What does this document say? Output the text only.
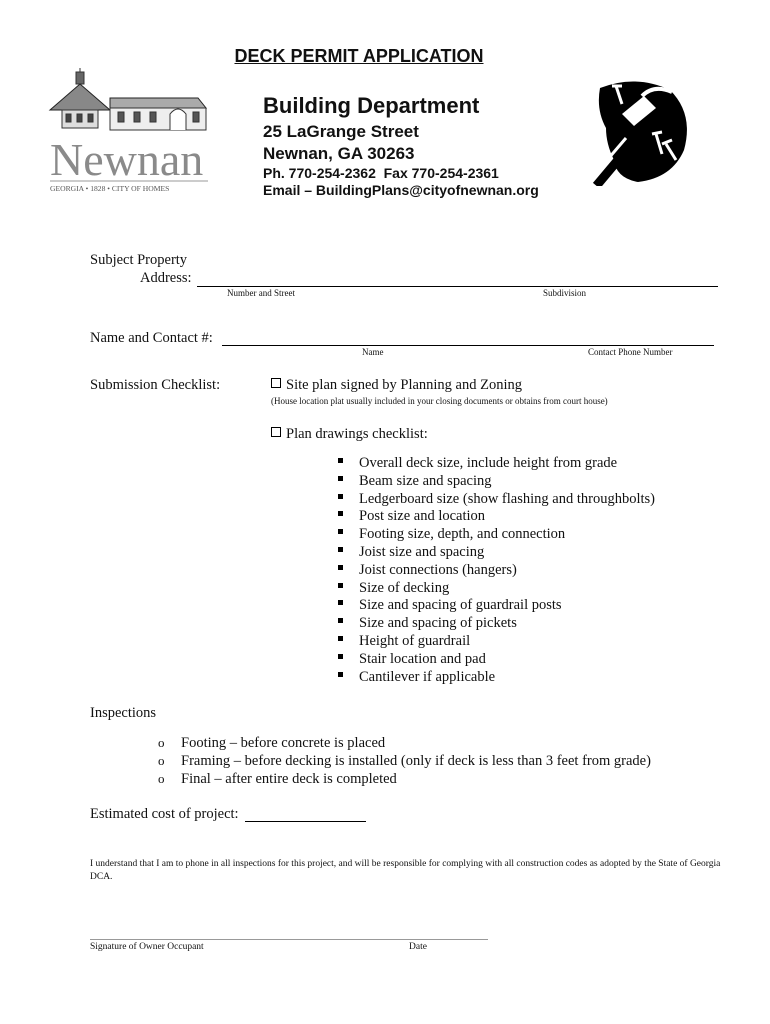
DECK PERMIT APPLICATION
Newnan
GEORGIA • 1828 • CITY OF HOMES
Building Department
25 LaGrange Street
Newnan, GA 30263
Ph. 770-254-2362  Fax 770-254-2361
Email – BuildingPlans@cityofnewnan.org
Subject Property
Address:
Number and Street	Subdivision
Name and Contact #:
Name	Contact Phone Number
Submission Checklist:	Site plan signed by Planning and Zoning
(House location plat usually included in your closing documents or obtains from court house)
Plan drawings checklist:
Overall deck size, include height from grade
Beam size and spacing
Ledgerboard size (show flashing and throughbolts)
Post size and location
Footing size, depth, and connection
Joist size and spacing
Joist connections (hangers)
Size of decking
Size and spacing of guardrail posts
Size and spacing of pickets
Height of guardrail
Stair location and pad
Cantilever if applicable
Inspections
o Footing – before concrete is placed
o Framing – before decking is installed (only if deck is less than 3 feet from grade)
o Final – after entire deck is completed
Estimated cost of project:
I understand that I am to phone in all inspections for this project, and will be responsible for complying with all construction codes as adopted by the State of Georgia DCA.
Signature of Owner Occupant	Date
